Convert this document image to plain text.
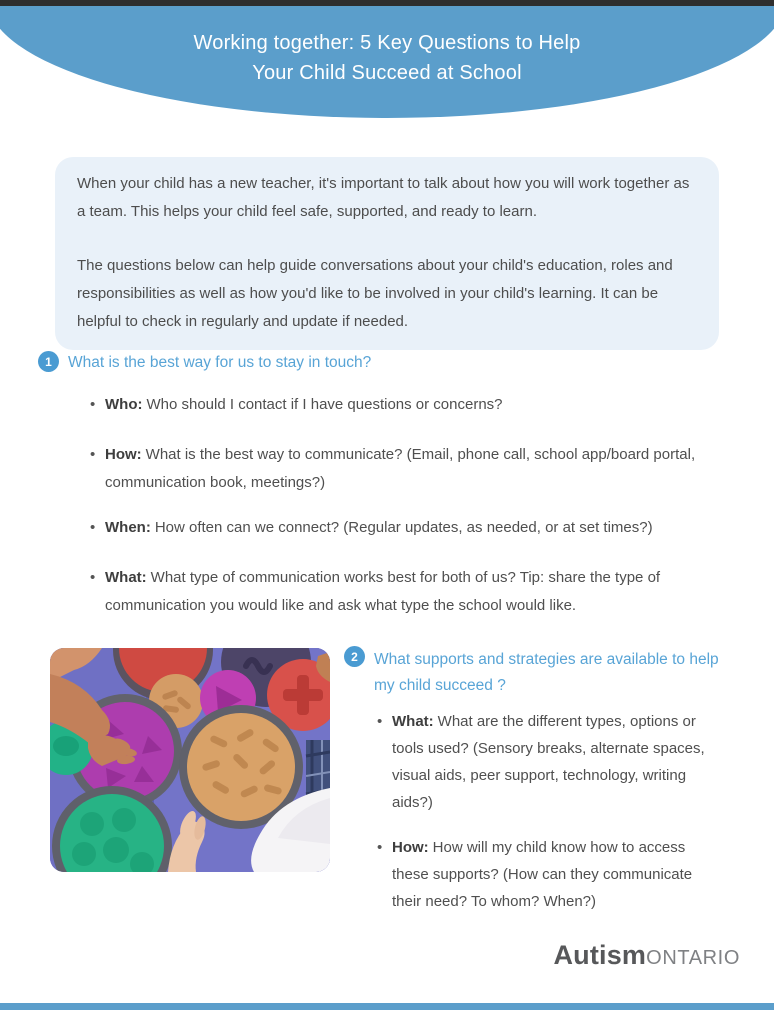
Working together: 5 Key Questions to Help
Your Child Succeed at School

When your child has a new teacher, it's important to talk about how you will work together as a team. This helps your child feel safe, supported, and ready to learn.

The questions below can help guide conversations about your child's education, roles and responsibilities as well as how you'd like to be involved in your child's learning. It can be helpful to check in regularly and update if needed.

1	What is the best way for us to stay in touch?
• Who: Who should I contact if I have questions or concerns?
• How: What is the best way to communicate? (Email, phone call, school app/board portal, communication book, meetings?)
• When: How often can we connect? (Regular updates, as needed, or at set times?)
• What: What type of communication works best for both of us? Tip: share the type of communication you would like and ask what type the school would like.
2	What supports and strategies are available to help my child succeed ?
• What: What are the different types, options or tools used? (Sensory breaks, alternate spaces, visual aids, peer support, technology, writing aids?)
• How: How will my child know how to access these supports? (How can they communicate their need? To whom? When?)
Autism ONTARIO
